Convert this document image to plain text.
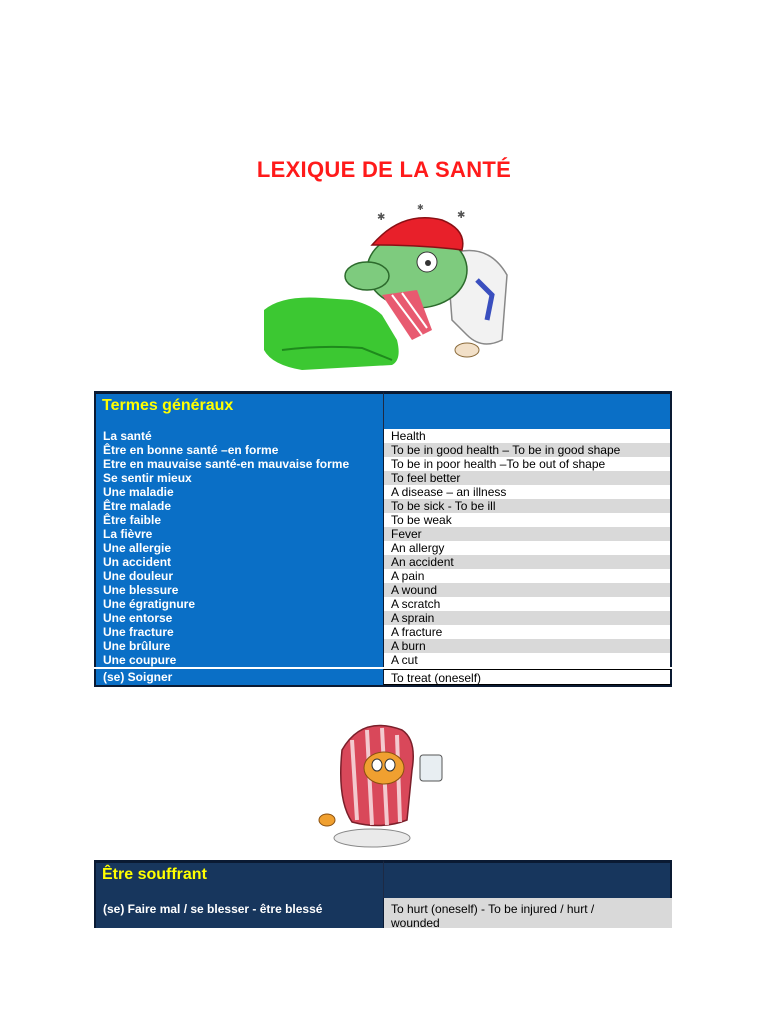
LEXIQUE DE LA SANTÉ
✱	✱
✱
Termes généraux
La santé	Health
Être en bonne santé –en forme	To be in good health – To be in good shape
Etre en mauvaise santé-en mauvaise forme	To be in poor health –To be out of shape
Se sentir mieux	To feel better
Une maladie	A disease – an illness
Être malade	To be sick - To be ill
Être faible	To be weak
La fièvre	Fever
Une allergie	An allergy
Un accident	An accident
Une douleur	A pain
Une blessure	A wound
Une égratignure	A scratch
Une entorse	A sprain
Une fracture	A fracture
Une brûlure	A burn
Une coupure	A cut
(se) Soigner	To treat (oneself)
Être souffrant
(se) Faire mal / se blesser - être blessé	To hurt (oneself) - To be injured / hurt /
wounded
